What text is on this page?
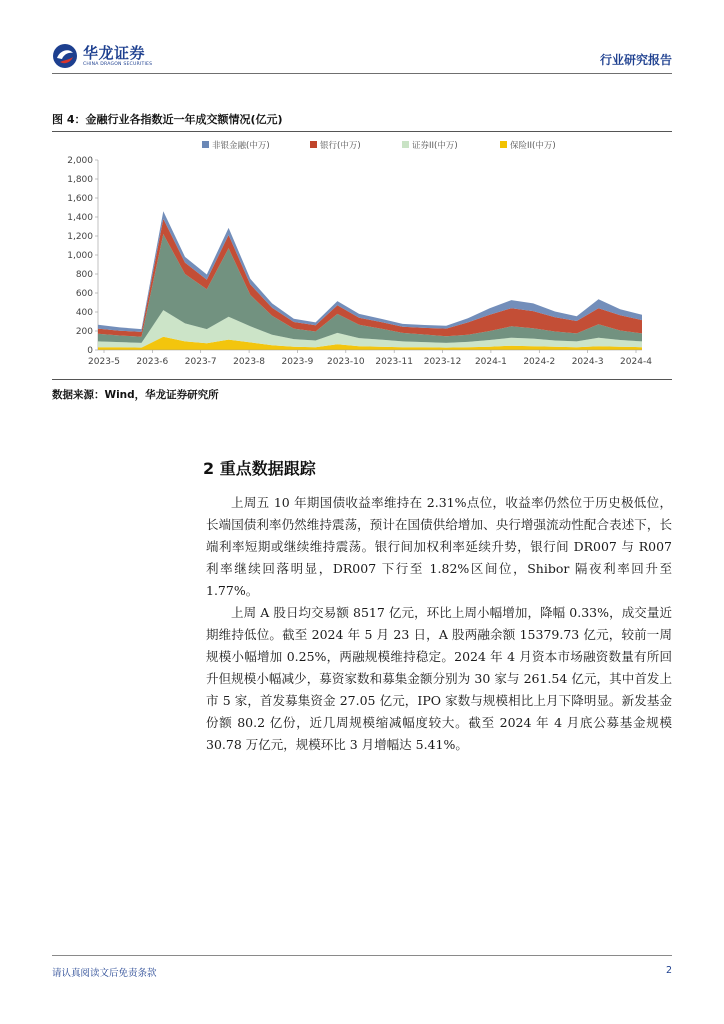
华龙证券
CHINA DRAGON SECURITIES	行业研究报告
图 4：金融行业各指数近一年成交额情况(亿元)
0
200
400
600
800
1,000
1,200
1,400
1,600
1,800
2,000
2023-5 2023-6 2023-7 2023-8 2023-9 2023-10 2023-11 2023-12 2024-1 2024-2 2024-3 2024-4
非银金融(中万)	银行(中万)	证券II(中万)	保险II(中万)
数据来源：Wind，华龙证券研究所
2 重点数据跟踪

上周五 10 年期国债收益率维持在 2.31%点位，收益率仍然位于历史极低位，长端国债利率仍然维持震荡，预计在国债供给增加、央行增强流动性配合表述下，长端利率短期或继续维持震荡。银行间加权利率延续升势，银行间 DR007 与 R007 利率继续回落明显，DR007 下行至 1.82%区间位，Shibor 隔夜利率回升至 1.77%。

上周 A 股日均交易额 8517 亿元，环比上周小幅增加，降幅 0.33%，成交量近期维持低位。截至 2024 年 5 月 23 日，A 股两融余额 15379.73 亿元，较前一周规模小幅增加 0.25%，两融规模维持稳定。2024 年 4 月资本市场融资数量有所回升但规模小幅减少，募资家数和募集金额分别为 30 家与 261.54 亿元，其中首发上市 5 家，首发募集资金 27.05 亿元，IPO 家数与规模相比上月下降明显。新发基金份额 80.2 亿份，近几周规模缩减幅度较大。截至 2024 年 4 月底公募基金规模 30.78 万亿元，规模环比 3 月增幅达 5.41%。

请认真阅读文后免责条款	2
